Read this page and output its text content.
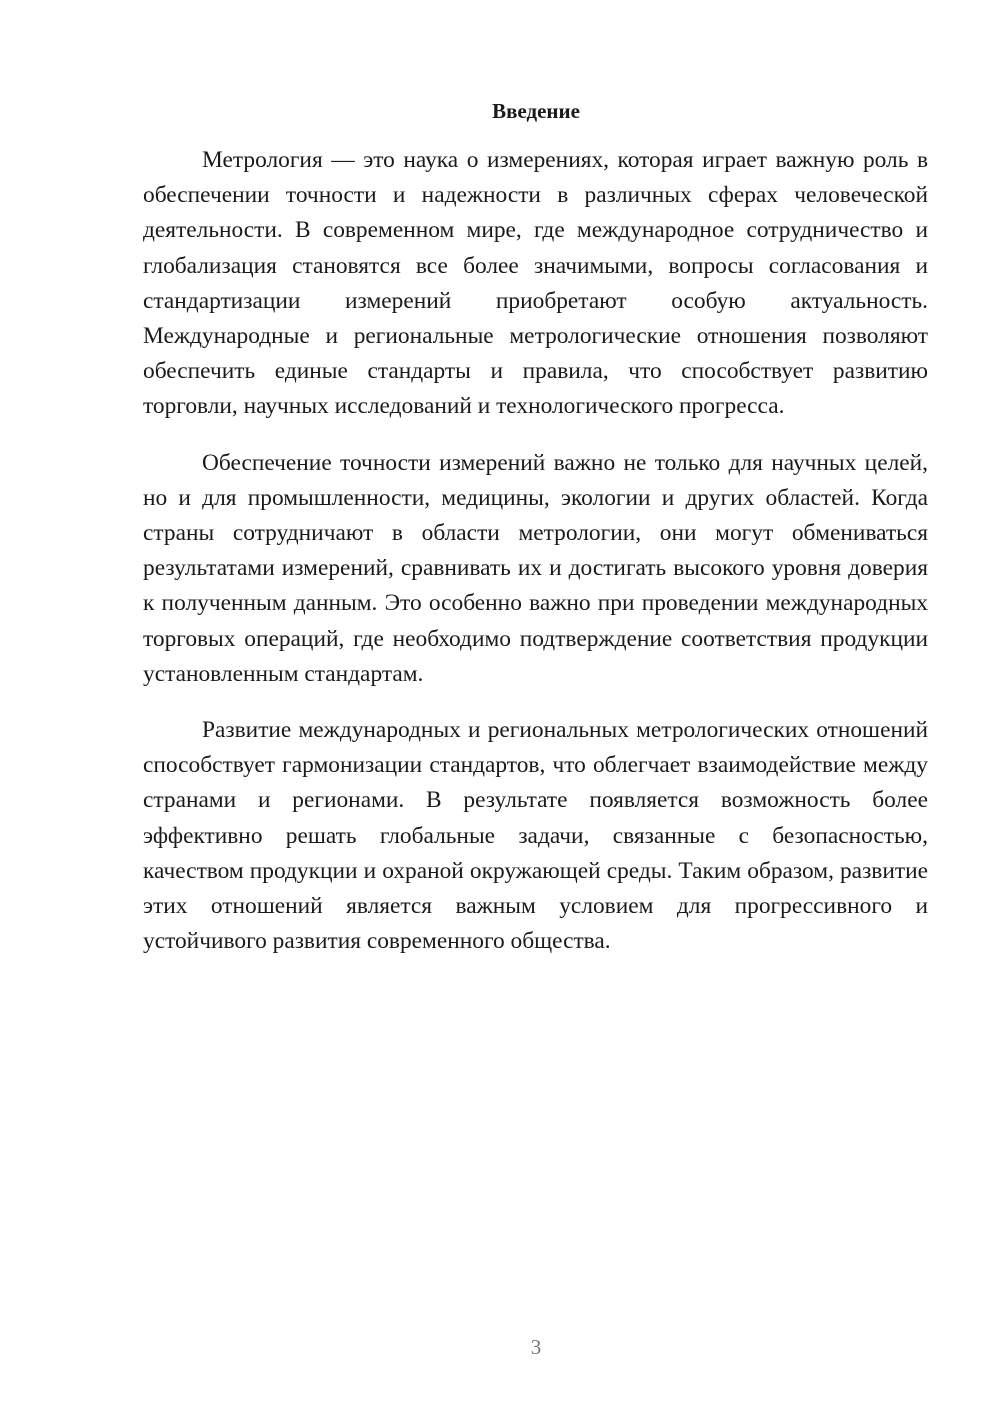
Введение

Метрология — это наука о измерениях, которая играет важную роль в обеспечении точности и надежности в различных сферах человеческой деятельности. В современном мире, где международное сотрудничество и глобализация становятся все более значимыми, вопросы согласования и стандартизации измерений приобретают особую актуальность. Международные и региональные метрологические отношения позволяют обеспечить единые стандарты и правила, что способствует развитию торговли, научных исследований и технологического прогресса.

Обеспечение точности измерений важно не только для научных целей, но и для промышленности, медицины, экологии и других областей. Когда страны сотрудничают в области метрологии, они могут обмениваться результатами измерений, сравнивать их и достигать высокого уровня доверия к полученным данным. Это особенно важно при проведении международных торговых операций, где необходимо подтверждение соответствия продукции установленным стандартам.

Развитие международных и региональных метрологических отношений способствует гармонизации стандартов, что облегчает взаимодействие между странами и регионами. В результате появляется возможность более эффективно решать глобальные задачи, связанные с безопасностью, качеством продукции и охраной окружающей среды. Таким образом, развитие этих отношений является важным условием для прогрессивного и устойчивого развития современного общества.

3
